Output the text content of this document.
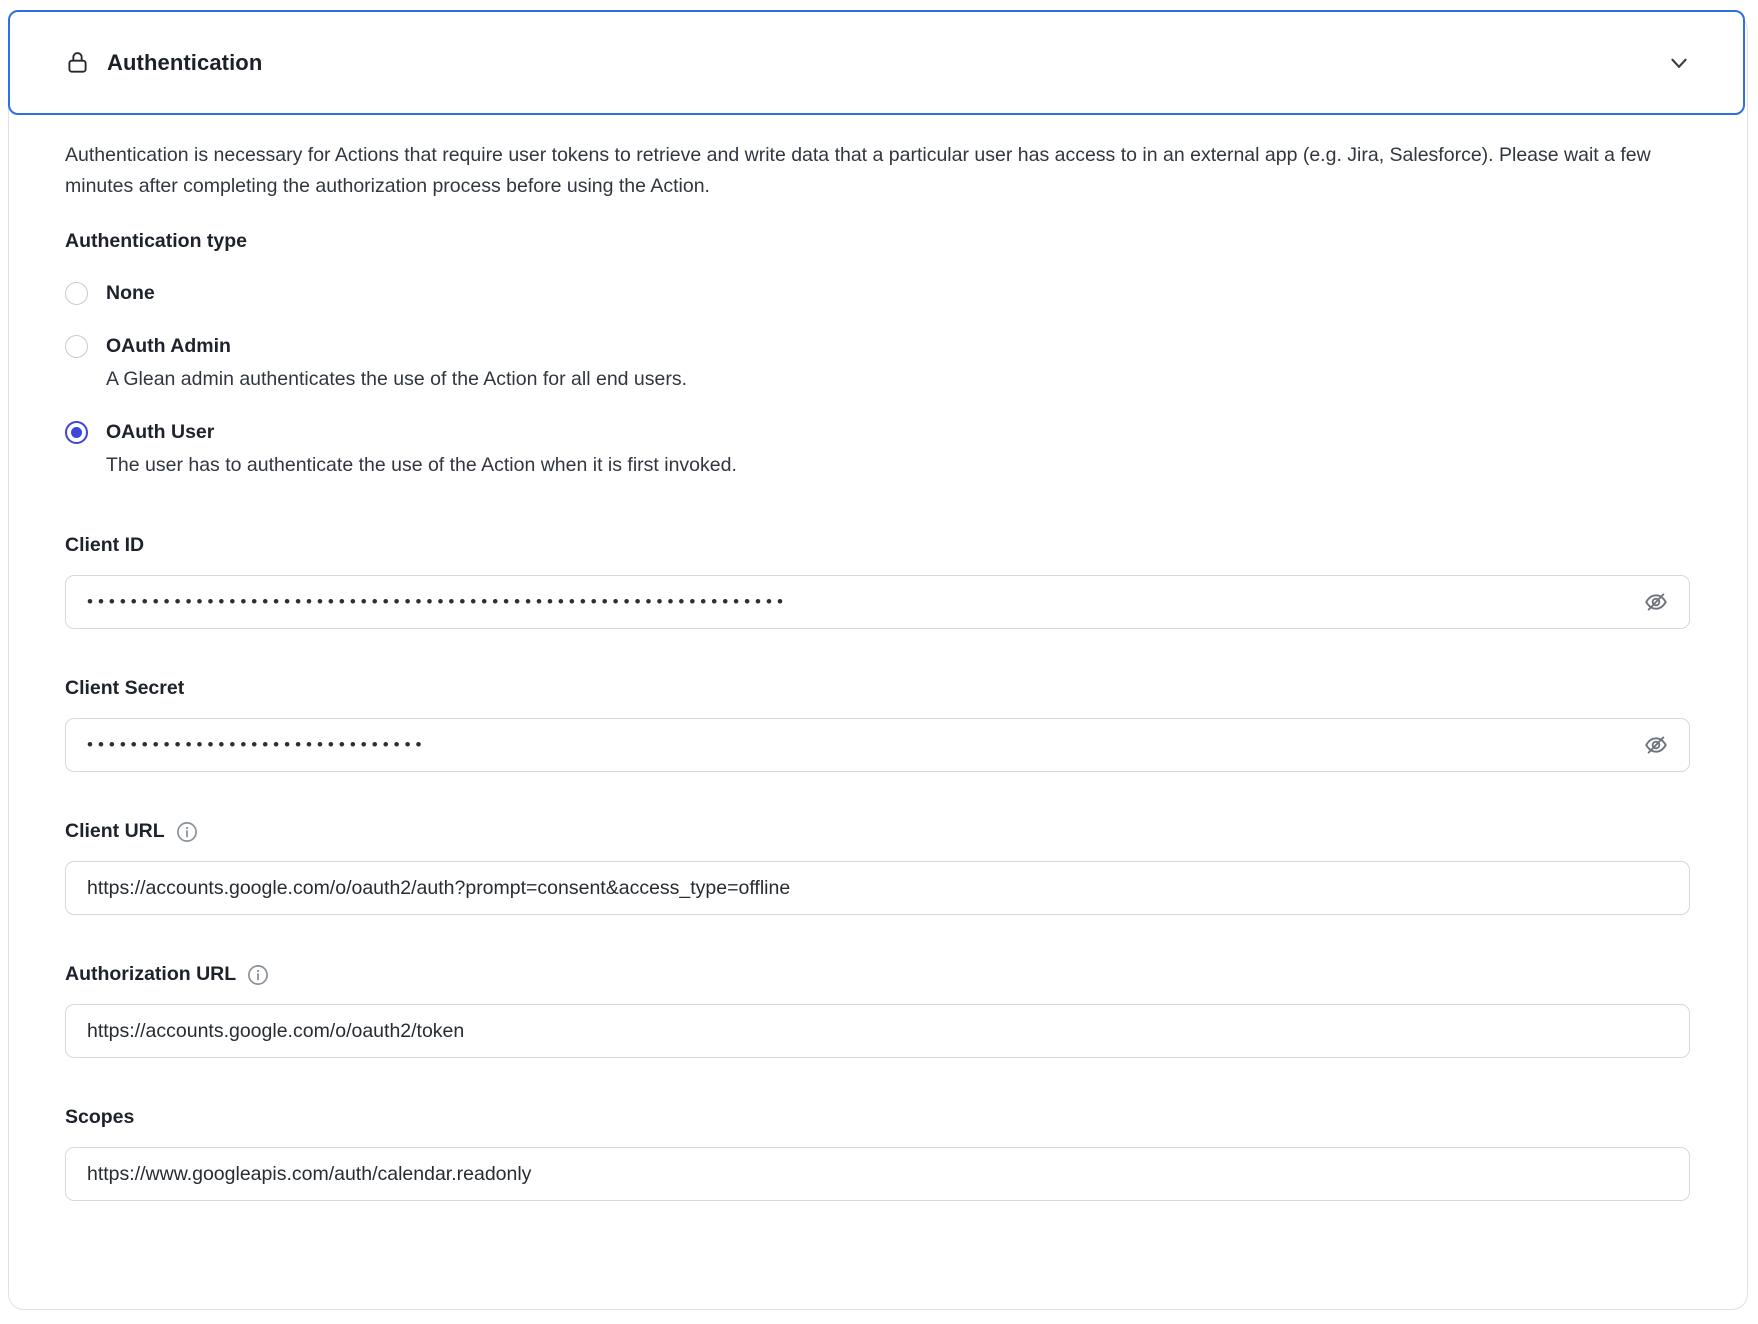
Authentication

Authentication is necessary for Actions that require user tokens to retrieve and write data that a particular user has access to in an external app (e.g. Jira, Salesforce). Please wait a few minutes after completing the authorization process before using the Action.

Authentication type
None
OAuth Admin
A Glean admin authenticates the use of the Action for all end users.
OAuth User
The user has to authenticate the use of the Action when it is first invoked.
Client ID
••••••••••••••••••••••••••••••••••••••••••••••••••••••••••••••••
Client Secret
•••••••••••••••••••••••••••••••
Client URL
https://accounts.google.com/o/oauth2/auth?prompt=consent&access_type=offline
Authorization URL
https://accounts.google.com/o/oauth2/token
Scopes
https://www.googleapis.com/auth/calendar.readonly
